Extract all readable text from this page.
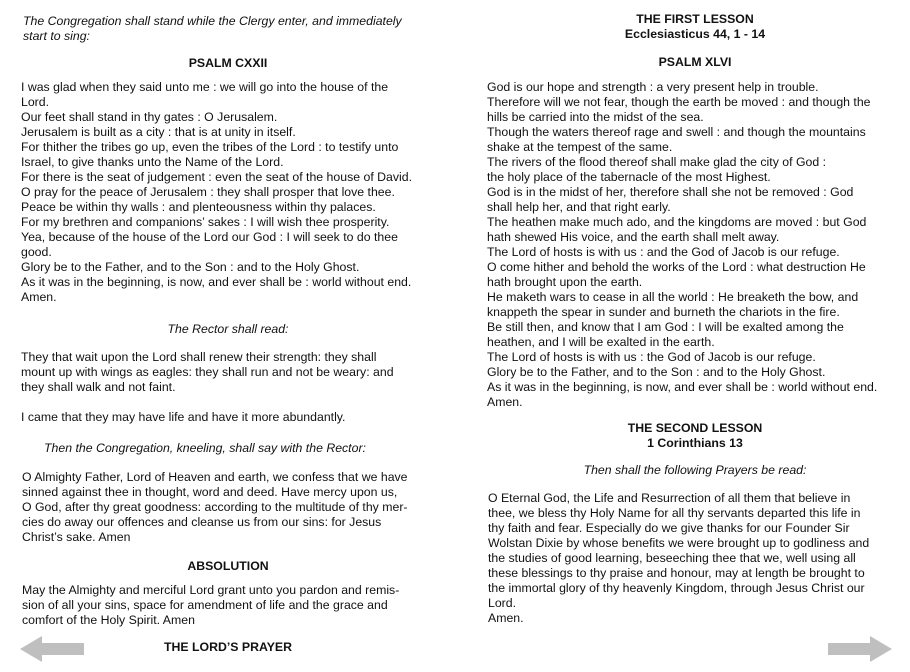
The Congregation shall stand while the Clergy enter, and immediately
start to sing:
PSALM CXXII
I was glad when they said unto me : we will go into the house of the
Lord.
Our feet shall stand in thy gates : O Jerusalem.
Jerusalem is built as a city : that is at unity in itself.
For thither the tribes go up, even the tribes of the Lord : to testify unto
Israel, to give thanks unto the Name of the Lord.
For there is the seat of judgement : even the seat of the house of David.
O pray for the peace of Jerusalem : they shall prosper that love thee.
Peace be within thy walls : and plenteousness within thy palaces.
For my brethren and companions’ sakes : I will wish thee prosperity.
Yea, because of the house of the Lord our God : I will seek to do thee
good.
Glory be to the Father, and to the Son : and to the Holy Ghost.
As it was in the beginning, is now, and ever shall be : world without end.
Amen.
The Rector shall read:
They that wait upon the Lord shall renew their strength: they shall
mount up with wings as eagles: they shall run and not be weary: and
they shall walk and not faint.
I came that they may have life and have it more abundantly.
Then the Congregation, kneeling, shall say with the Rector:
O Almighty Father, Lord of Heaven and earth, we confess that we have
sinned against thee in thought, word and deed. Have mercy upon us,
O God, after thy great goodness: according to the multitude of thy mer-
cies do away our offences and cleanse us from our sins: for Jesus
Christ’s sake. Amen
ABSOLUTION
May the Almighty and merciful Lord grant unto you pardon and remis-
sion of all your sins, space for amendment of life and the grace and
comfort of the Holy Spirit. Amen
THE LORD’S PRAYER
THE FIRST LESSON
Ecclesiasticus 44, 1 - 14
PSALM XLVI
God is our hope and strength : a very present help in trouble.
Therefore will we not fear, though the earth be moved : and though the
hills be carried into the midst of the sea.
Though the waters thereof rage and swell : and though the mountains
shake at the tempest of the same.
The rivers of the flood thereof shall make glad the city of God :
the holy place of the tabernacle of the most Highest.
God is in the midst of her, therefore shall she not be removed : God
shall help her, and that right early.
The heathen make much ado, and the kingdoms are moved : but God
hath shewed His voice, and the earth shall melt away.
The Lord of hosts is with us : and the God of Jacob is our refuge.
O come hither and behold the works of the Lord : what destruction He
hath brought upon the earth.
He maketh wars to cease in all the world : He breaketh the bow, and
knappeth the spear in sunder and burneth the chariots in the fire.
Be still then, and know that I am God : I will be exalted among the
heathen, and I will be exalted in the earth.
The Lord of hosts is with us : the God of Jacob is our refuge.
Glory be to the Father, and to the Son : and to the Holy Ghost.
As it was in the beginning, is now, and ever shall be : world without end.
Amen.
THE SECOND LESSON
1 Corinthians 13
Then shall the following Prayers be read:
O Eternal God, the Life and Resurrection of all them that believe in
thee, we bless thy Holy Name for all thy servants departed this life in
thy faith and fear. Especially do we give thanks for our Founder Sir
Wolstan Dixie by whose benefits we were brought up to godliness and
the studies of good learning, beseeching thee that we, well using all
these blessings to thy praise and honour, may at length be brought to
the immortal glory of thy heavenly Kingdom, through Jesus Christ our
Lord.
Amen.
